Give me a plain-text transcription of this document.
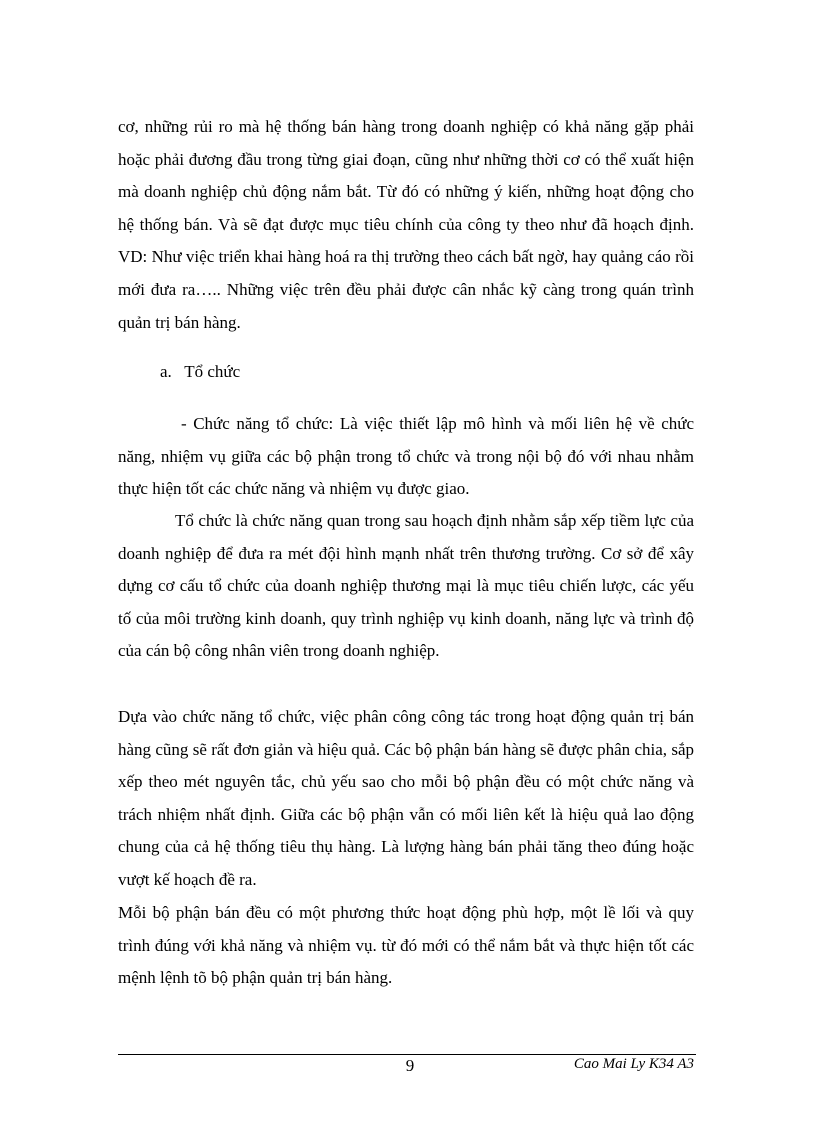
cơ, những rủi ro mà hệ thống bán hàng trong doanh nghiệp có khả năng gặp phải hoặc phải đương đầu trong từng giai đoạn, cũng như những thời cơ có thể xuất hiện mà doanh nghiệp chủ động nắm bắt. Từ đó có những ý kiến, những hoạt động cho hệ thống bán. Và sẽ đạt được mục tiêu chính của công ty theo như đã hoạch định. VD: Như việc triển khai hàng hoá ra thị trường theo cách bất ngờ, hay quảng cáo rồi mới đưa ra….. Những việc trên đều phải được cân nhắc kỹ càng trong quán trình quản trị bán hàng.

a.   Tổ chức

- Chức năng tổ chức: Là việc thiết lập mô hình và mối liên hệ về chức năng, nhiệm vụ giữa các bộ phận trong tổ chức và trong nội bộ đó với nhau nhằm thực hiện tốt các chức năng và nhiệm vụ được giao.

Tổ chức là chức năng quan trong sau hoạch định nhằm sắp xếp tiềm lực của doanh nghiệp để đưa ra mét đội hình mạnh nhất trên thương trường. Cơ sở để xây dựng cơ cấu tổ chức của doanh nghiệp thương mại là mục tiêu chiến lược, các yếu tố của môi trường kinh doanh, quy trình nghiệp vụ kinh doanh, năng lực và trình độ của cán bộ công nhân viên trong doanh nghiệp.

Dựa vào chức năng tổ chức, việc phân công công tác trong hoạt động quản trị bán hàng cũng sẽ rất đơn giản và hiệu quả. Các bộ phận bán hàng sẽ được phân chia, sắp xếp theo mét nguyên tắc, chủ yếu sao cho mỗi bộ phận đều có một chức năng và trách nhiệm nhất định. Giữa các bộ phận vẫn có mối liên kết là hiệu quả lao động chung của cả hệ thống tiêu thụ hàng. Là lượng hàng bán phải tăng theo đúng hoặc vượt kế hoạch đề ra.

Mỗi bộ phận bán đều có một phương thức hoạt động phù hợp, một lề lối và quy trình đúng với khả năng và nhiệm vụ. từ đó mới có thể nắm bắt và thực hiện tốt các mệnh lệnh tõ bộ phận quản trị bán hàng.

9	Cao Mai Ly K34 A3
